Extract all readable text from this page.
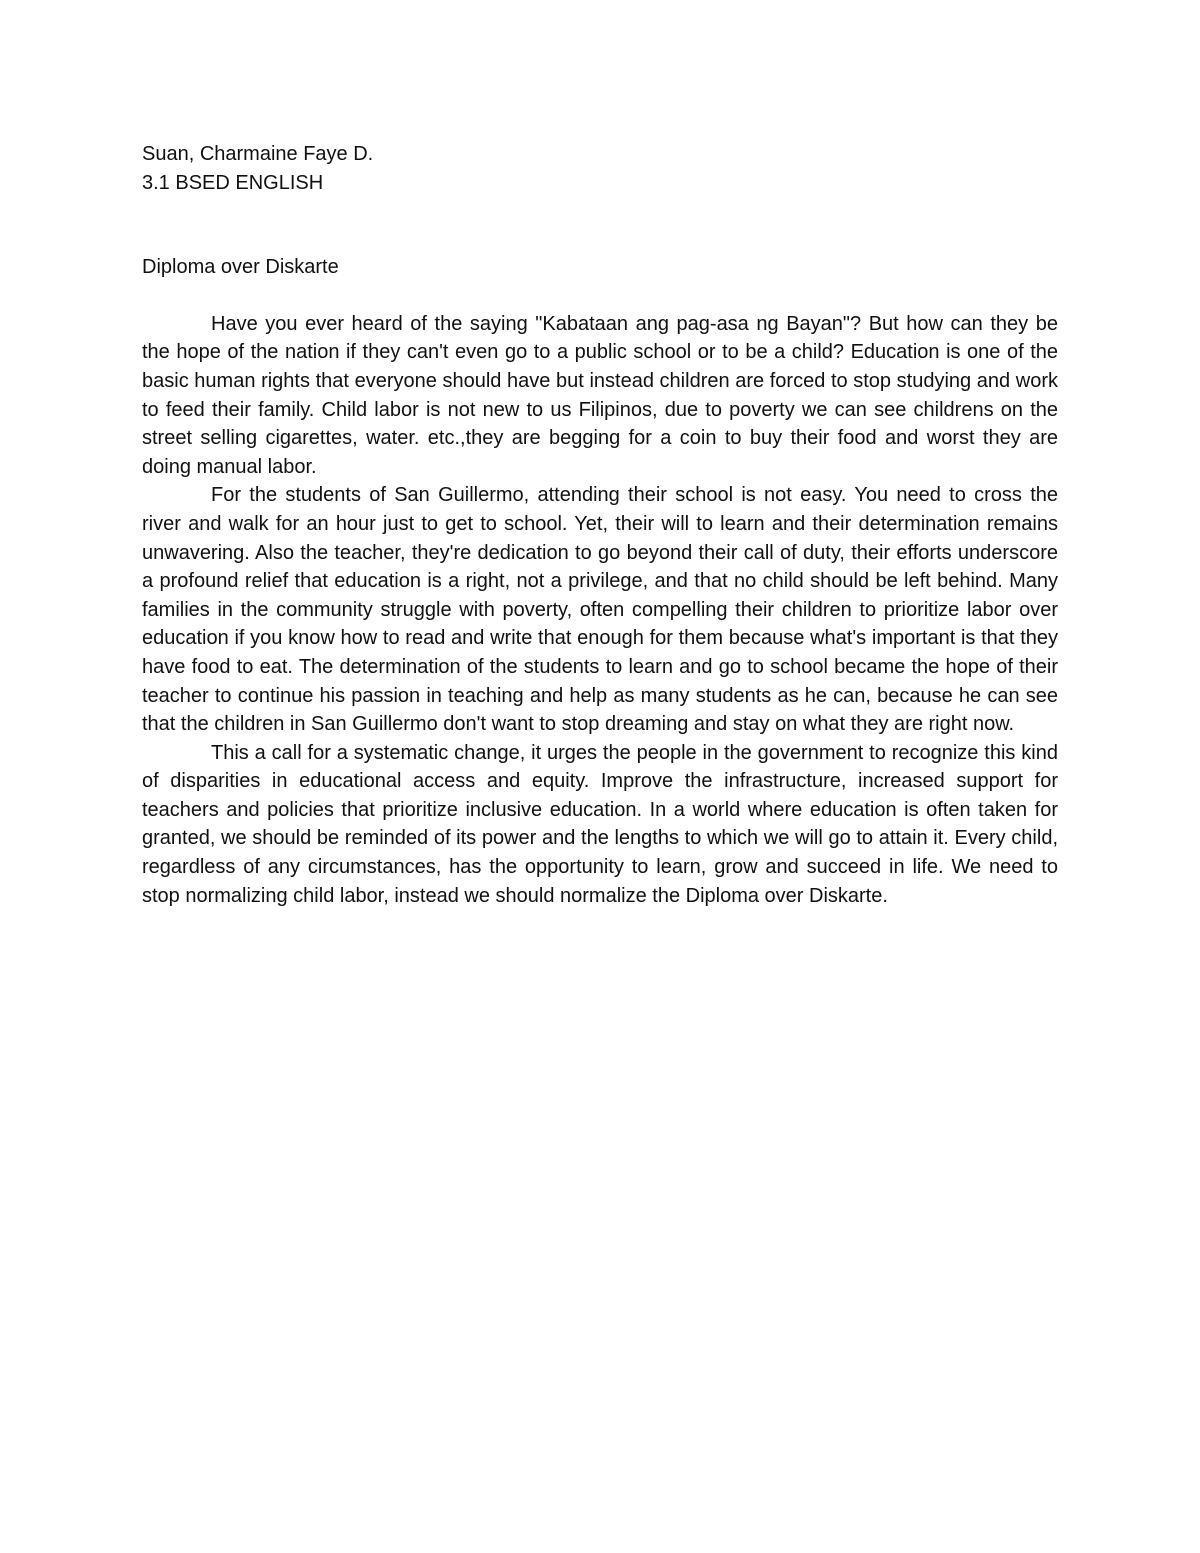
Suan, Charmaine Faye D.

3.1 BSED ENGLISH

Diploma over Diskarte

Have you ever heard of the saying "Kabataan ang pag-asa ng Bayan"? But how can they be the hope of the nation if they can't even go to a public school or to be a child? Education is one of the basic human rights that everyone should have but instead children are forced to stop studying and work to feed their family. Child labor is not new to us Filipinos, due to poverty we can see childrens on the street selling cigarettes, water. etc.,they are begging for a coin to buy their food and worst they are doing manual labor.

For the students of San Guillermo, attending their school is not easy. You need to cross the river and walk for an hour just to get to school. Yet, their will to learn and their determination remains unwavering. Also the teacher, they're dedication to go beyond their call of duty, their efforts underscore a profound relief that education is a right, not a privilege, and that no child should be left behind. Many families in the community struggle with poverty, often compelling their children to prioritize labor over education if you know how to read and write that enough for them because what's important is that they have food to eat. The determination of the students to learn and go to school became the hope of their teacher to continue his passion in teaching and help as many students as he can, because he can see that the children in San Guillermo don't want to stop dreaming and stay on what they are right now.

This a call for a systematic change, it urges the people in the government to recognize this kind of disparities in educational access and equity. Improve the infrastructure, increased support for teachers and policies that prioritize inclusive education. In a world where education is often taken for granted, we should be reminded of its power and the lengths to which we will go to attain it. Every child, regardless of any circumstances, has the opportunity to learn, grow and succeed in life. We need to stop normalizing child labor, instead we should normalize the Diploma over Diskarte.
